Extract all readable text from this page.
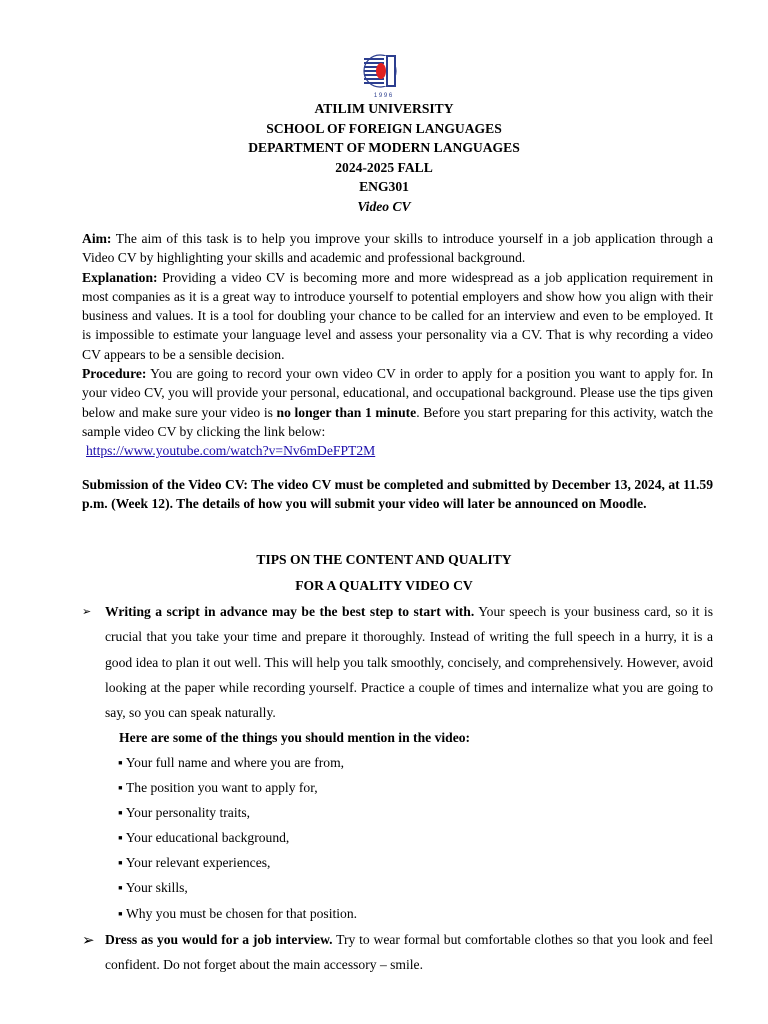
1 9 9 6
ATILIM UNIVERSITY
SCHOOL OF FOREIGN LANGUAGES
DEPARTMENT OF MODERN LANGUAGES
2024-2025 FALL
ENG301
Video CV
Aim: The aim of this task is to help you improve your skills to introduce yourself in a job application through a Video CV by highlighting your skills and academic and professional background.
Explanation: Providing a video CV is becoming more and more widespread as a job application requirement in most companies as it is a great way to introduce yourself to potential employers and show how you align with their business and values. It is a tool for doubling your chance to be called for an interview and even to be employed. It is impossible to estimate your language level and assess your personality via a CV. That is why recording a video CV appears to be a sensible decision.
Procedure: You are going to record your own video CV in order to apply for a position you want to apply for. In your video CV, you will provide your personal, educational, and occupational background. Please use the tips given below and make sure your video is no longer than 1 minute. Before you start preparing for this activity, watch the sample video CV by clicking the link below:
https://www.youtube.com/watch?v=Nv6mDeFPT2M
Submission of the Video CV: The video CV must be completed and submitted by December 13, 2024, at 11.59 p.m. (Week 12). The details of how you will submit your video will later be announced on Moodle.
TIPS ON THE CONTENT AND QUALITY
FOR A QUALITY VIDEO CV
➢ Writing a script in advance may be the best step to start with. Your speech is your business card, so it is crucial that you take your time and prepare it thoroughly. Instead of writing the full speech in a hurry, it is a good idea to plan it out well. This will help you talk smoothly, concisely, and comprehensively. However, avoid looking at the paper while recording yourself. Practice a couple of times and internalize what you are going to say, so you can speak naturally.
Here are some of the things you should mention in the video:
▪ Your full name and where you are from,
▪ The position you want to apply for,
▪ Your personality traits,
▪ Your educational background,
▪ Your relevant experiences,
▪ Your skills,
▪ Why you must be chosen for that position.
➢ Dress as you would for a job interview. Try to wear formal but comfortable clothes so that you look and feel confident. Do not forget about the main accessory – smile.
